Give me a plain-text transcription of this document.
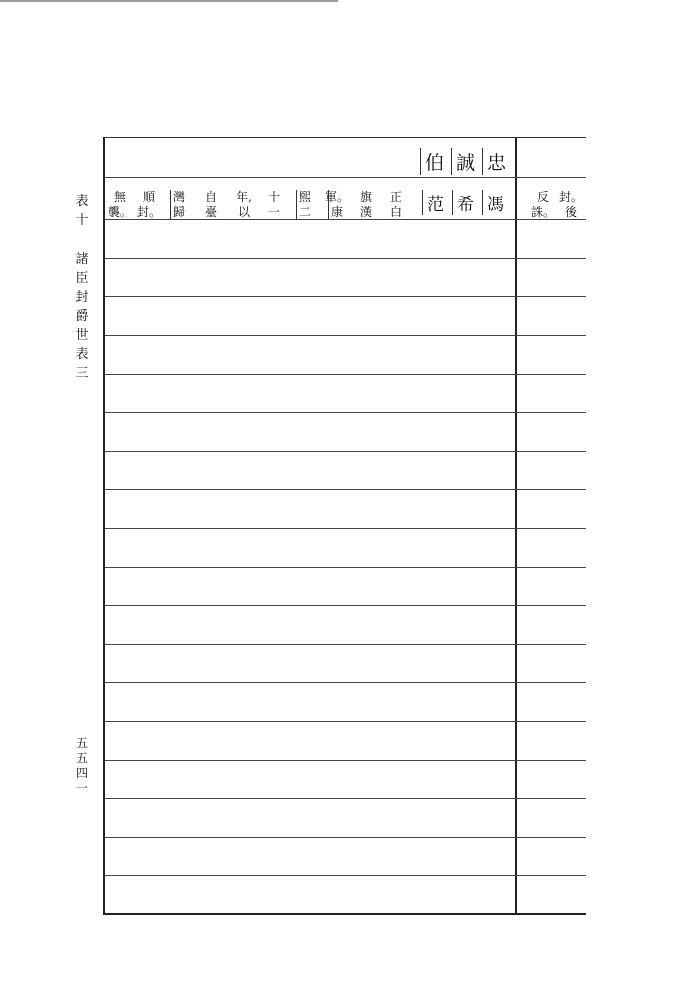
表
十
諸
臣
封
爵
世
表
三
五
五
四
一
伯 誠 忠
無
襲。
順
封。
灣
歸
自
臺
年,
以
十
一
熙
二
軍。
康
旗
漢
正
白 范 希 馮	反
誅。
封。
後
